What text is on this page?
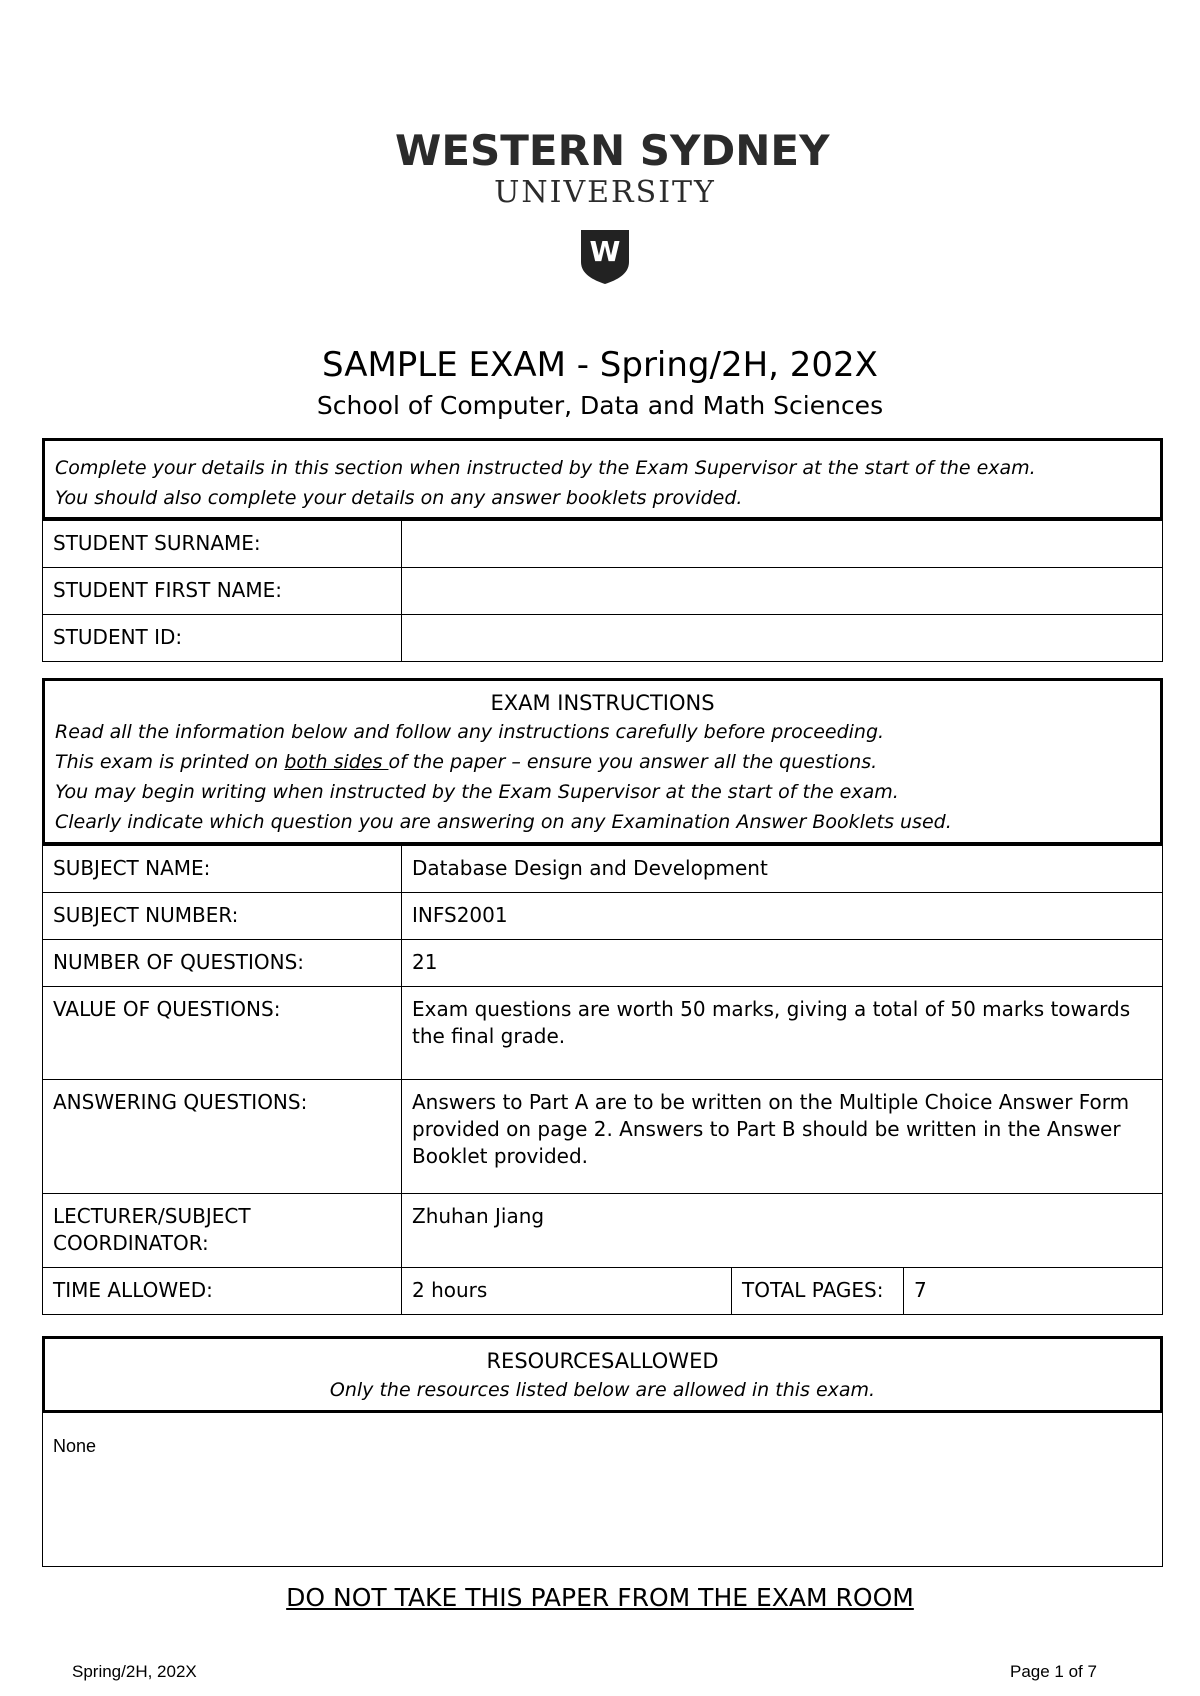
WESTERN SYDNEY
UNIVERSITY
W
SAMPLE EXAM - Spring/2H, 202X
School of Computer, Data and Math Sciences
Complete your details in this section when instructed by the Exam Supervisor at the start of the exam.
You should also complete your details on any answer booklets provided.
STUDENT SURNAME:
STUDENT FIRST NAME:
STUDENT ID:
EXAM INSTRUCTIONS
Read all the information below and follow any instructions carefully before proceeding.
This exam is printed on both sides of the paper – ensure you answer all the questions.
You may begin writing when instructed by the Exam Supervisor at the start of the exam.
Clearly indicate which question you are answering on any Examination Answer Booklets used.
SUBJECT NAME:	Database Design and Development
SUBJECT NUMBER:	INFS2001
NUMBER OF QUESTIONS:	21
VALUE OF QUESTIONS:	Exam questions are worth 50 marks, giving a total of 50 marks towards the final grade.
ANSWERING QUESTIONS:	Answers to Part A are to be written on the Multiple Choice Answer Form provided on page 2. Answers to Part B should be written in the Answer Booklet provided.
LECTURER/SUBJECT COORDINATOR:
Zhuhan Jiang
TIME ALLOWED:	2 hours	TOTAL PAGES:	7
RESOURCESALLOWED
Only the resources listed below are allowed in this exam.
None
DO NOT TAKE THIS PAPER FROM THE EXAM ROOM
Spring/2H, 202X	Page 1 of 7
